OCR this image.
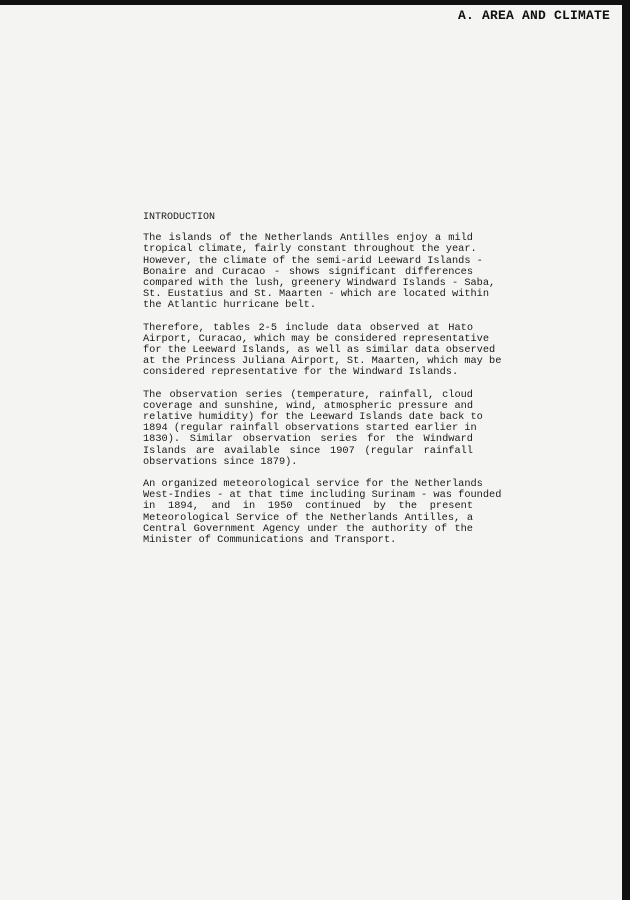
A. AREA AND CLIMATE
INTRODUCTION
The islands of the Netherlands Antilles enjoy a mild
tropical climate, fairly constant throughout the year.
However, the climate of the semi-arid Leeward Islands -
Bonaire and Curacao - shows significant differences
compared with the lush, greenery Windward Islands - Saba,
St. Eustatius and St. Maarten - which are located within
the Atlantic hurricane belt.
Therefore, tables 2-5 include data observed at Hato
Airport, Curacao, which may be considered representative
for the Leeward Islands, as well as similar data observed
at the Princess Juliana Airport, St. Maarten, which may be
considered representative for the Windward Islands.
The observation series (temperature, rainfall, cloud
coverage and sunshine, wind, atmospheric pressure and
relative humidity) for the Leeward Islands date back to
1894 (regular rainfall observations started earlier in
1830). Similar observation series for the Windward
Islands are available since 1907 (regular rainfall
observations since 1879).
An organized meteorological service for the Netherlands
West-Indies - at that time including Surinam - was founded
in 1894, and in 1950 continued by the present
Meteorological Service of the Netherlands Antilles, a
Central Government Agency under the authority of the
Minister of Communications and Transport.
